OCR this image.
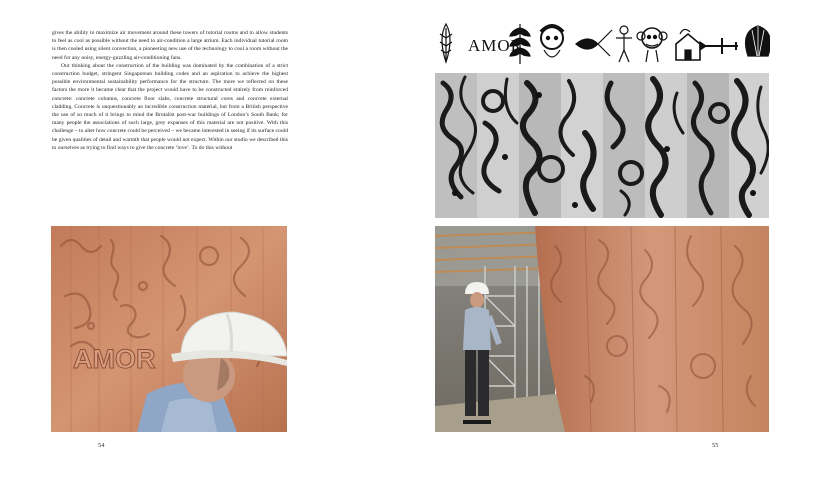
gives the ability to maximize air movement around these towers of tutorial rooms and to allow students to feel as cool as possible without the need to air-condition a large atrium. Each individual tutorial room is then cooled using silent convection, a pioneering new use of the technology to cool a room without the need for any noisy, energy-guzzling air-conditioning fans.

Our thinking about the construction of the building was dominated by the combination of a strict construction budget, stringent Singaporean building codes and an aspiration to achieve the highest possible environmental sustainability performance for the structure. The more we reflected on these factors the more it became clear that the project would have to be constructed entirely from reinforced concrete: concrete columns, concrete floor slabs, concrete structural cores and concrete external cladding. Concrete is unquestionably an incredible construction material, but from a British perspective the use of so much of it brings to mind the Brutalist post-war buildings of London’s South Bank; for many people the associations of such large, grey expanses of this material are not positive. With this challenge – to alter how concrete could be perceived – we became interested in seeing if its surface could be given qualities of detail and warmth that people would not expect. Within our studio we described this to ourselves as trying to find ways to give the concrete ‘love’. To do this without

AMOR
54
AMOR
55
